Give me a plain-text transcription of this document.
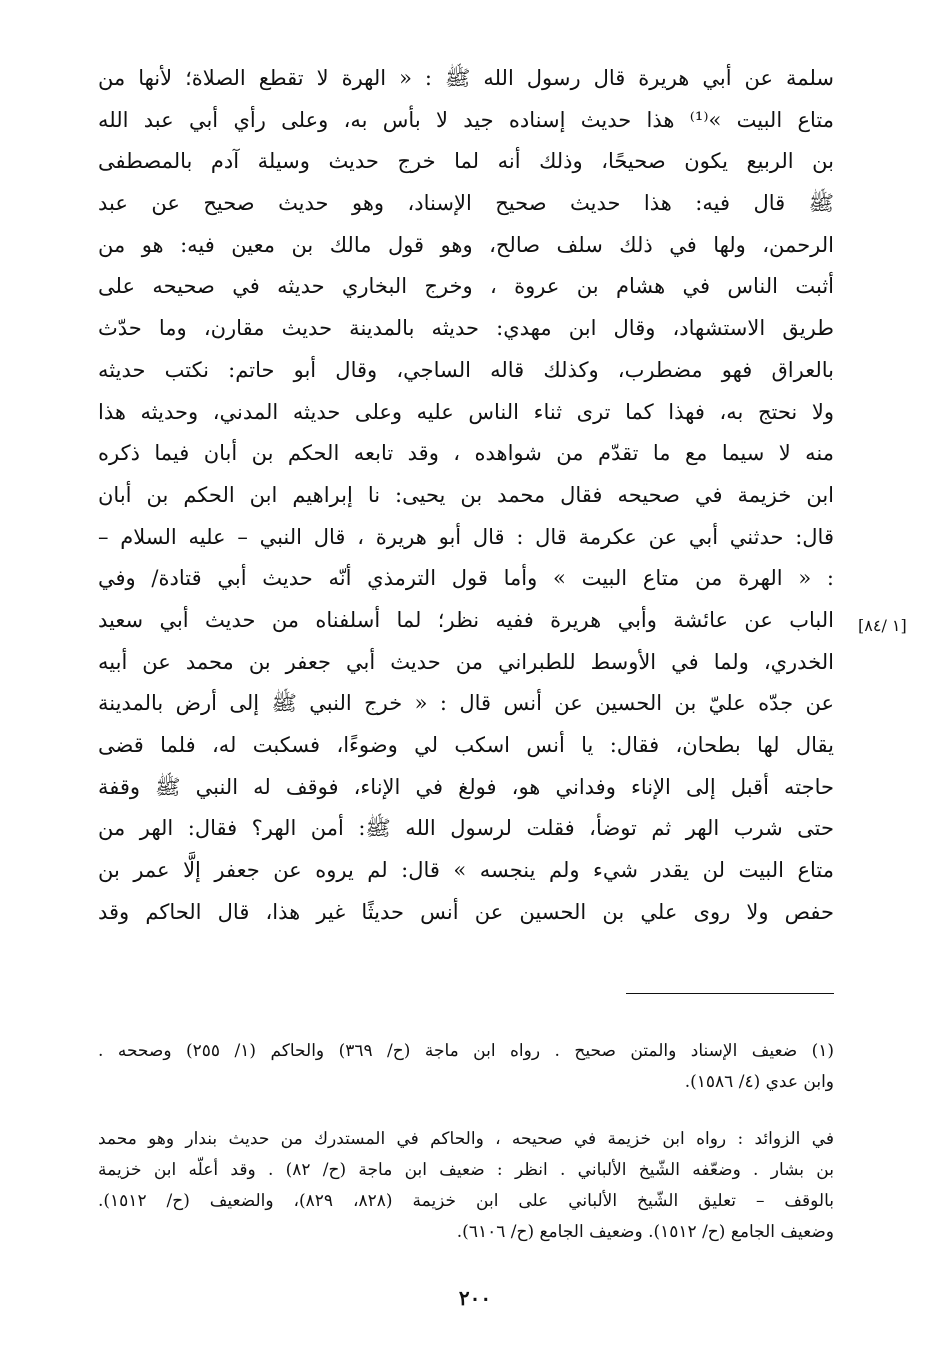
سلمة عن أبي هريرة قال رسول الله ﷺ : « الهرة لا تقطع الصلاة؛ لأنها من
متاع البيت »⁽¹⁾ هذا حديث إسناده جيد لا بأس به، وعلى رأي أبي عبد الله
بن الربيع يكون صحيحًا، وذلك أنه لما خرج حديث وسيلة آدم بالمصطفى
ﷺ قال فيه: هذا حديث صحيح الإسناد، وهو حديث صحيح عن عبد
الرحمن، ولها في ذلك سلف صالح، وهو قول مالك بن معين فيه: هو من
أثبت الناس في هشام بن عروة ، وخرج البخاري حديثه في صحيحه على
طريق الاستشهاد، وقال ابن مهدي: حديثه بالمدينة حديث مقارن، وما حدّث
بالعراق فهو مضطرب، وكذلك قاله الساجي، وقال أبو حاتم: نكتب حديثه
ولا نحتج به، فهذا كما ترى ثناء الناس عليه وعلى حديثه المدني، وحديثه هذا
منه لا سيما مع ما تقدّم من شواهده ، وقد تابعه الحكم بن أبان فيما ذكره
ابن خزيمة في صحيحه فقال محمد بن يحيى: نا إبراهيم ابن الحكم بن أبان
قال: حدثني أبي عن عكرمة قال : قال أبو هريرة ، قال النبي – عليه السلام –
: « الهرة من متاع البيت » وأما قول الترمذي أنّه حديث أبي قتادة/ وفي
الباب عن عائشة وأبي هريرة ففيه نظر؛ لما أسلفناه من حديث أبي سعيد
الخدري، ولما في الأوسط للطبراني من حديث أبي جعفر بن محمد عن أبيه
عن جدّه عليّ بن الحسين عن أنس قال : « خرج النبي ﷺ إلى أرض بالمدينة
يقال لها بطحان، فقال: يا أنس اسكب لي وضوءًا، فسكبت له، فلما قضى
حاجته أقبل إلى الإناء وفداني هو، فولغ في الإناء، فوقف له النبي ﷺ وقفة
حتى شرب الهر ثم توضأ، فقلت لرسول الله ﷺ: أمن الهر؟ فقال: الهر من
متاع البيت لن يقدر شيء ولم ينجسه » قال: لم يروه عن جعفر إلَّا عمر بن
حفص ولا روى علي بن الحسين عن أنس حديثًا غير هذا، قال الحاكم وقد
[١ /٨٤]
(١) ضعيف الإسناد والمتن صحيح . رواه ابن ماجة (ح/ ٣٦٩) والحاكم (١/ ٢٥٥) وصححه .
وابن عدي (٤/ ١٥٨٦).
في الزوائد : رواه ابن خزيمة في صحيحه ، والحاكم في المستدرك من حديث بندار وهو محمد
بن بشار . وضعّفه الشّيخ الألباني . انظر : ضعيف ابن ماجة (ح/ ٨٢) . وقد أعلّه ابن خزيمة
بالوقف – تعليق الشّيخ الألباني على ابن خزيمة (٨٢٨، ٨٢٩)، والضعيف (ح/ ١٥١٢).
وضعيف الجامع (ح/ ١٥١٢). وضعيف الجامع (ح/ ٦١٠٦).
٢٠٠
